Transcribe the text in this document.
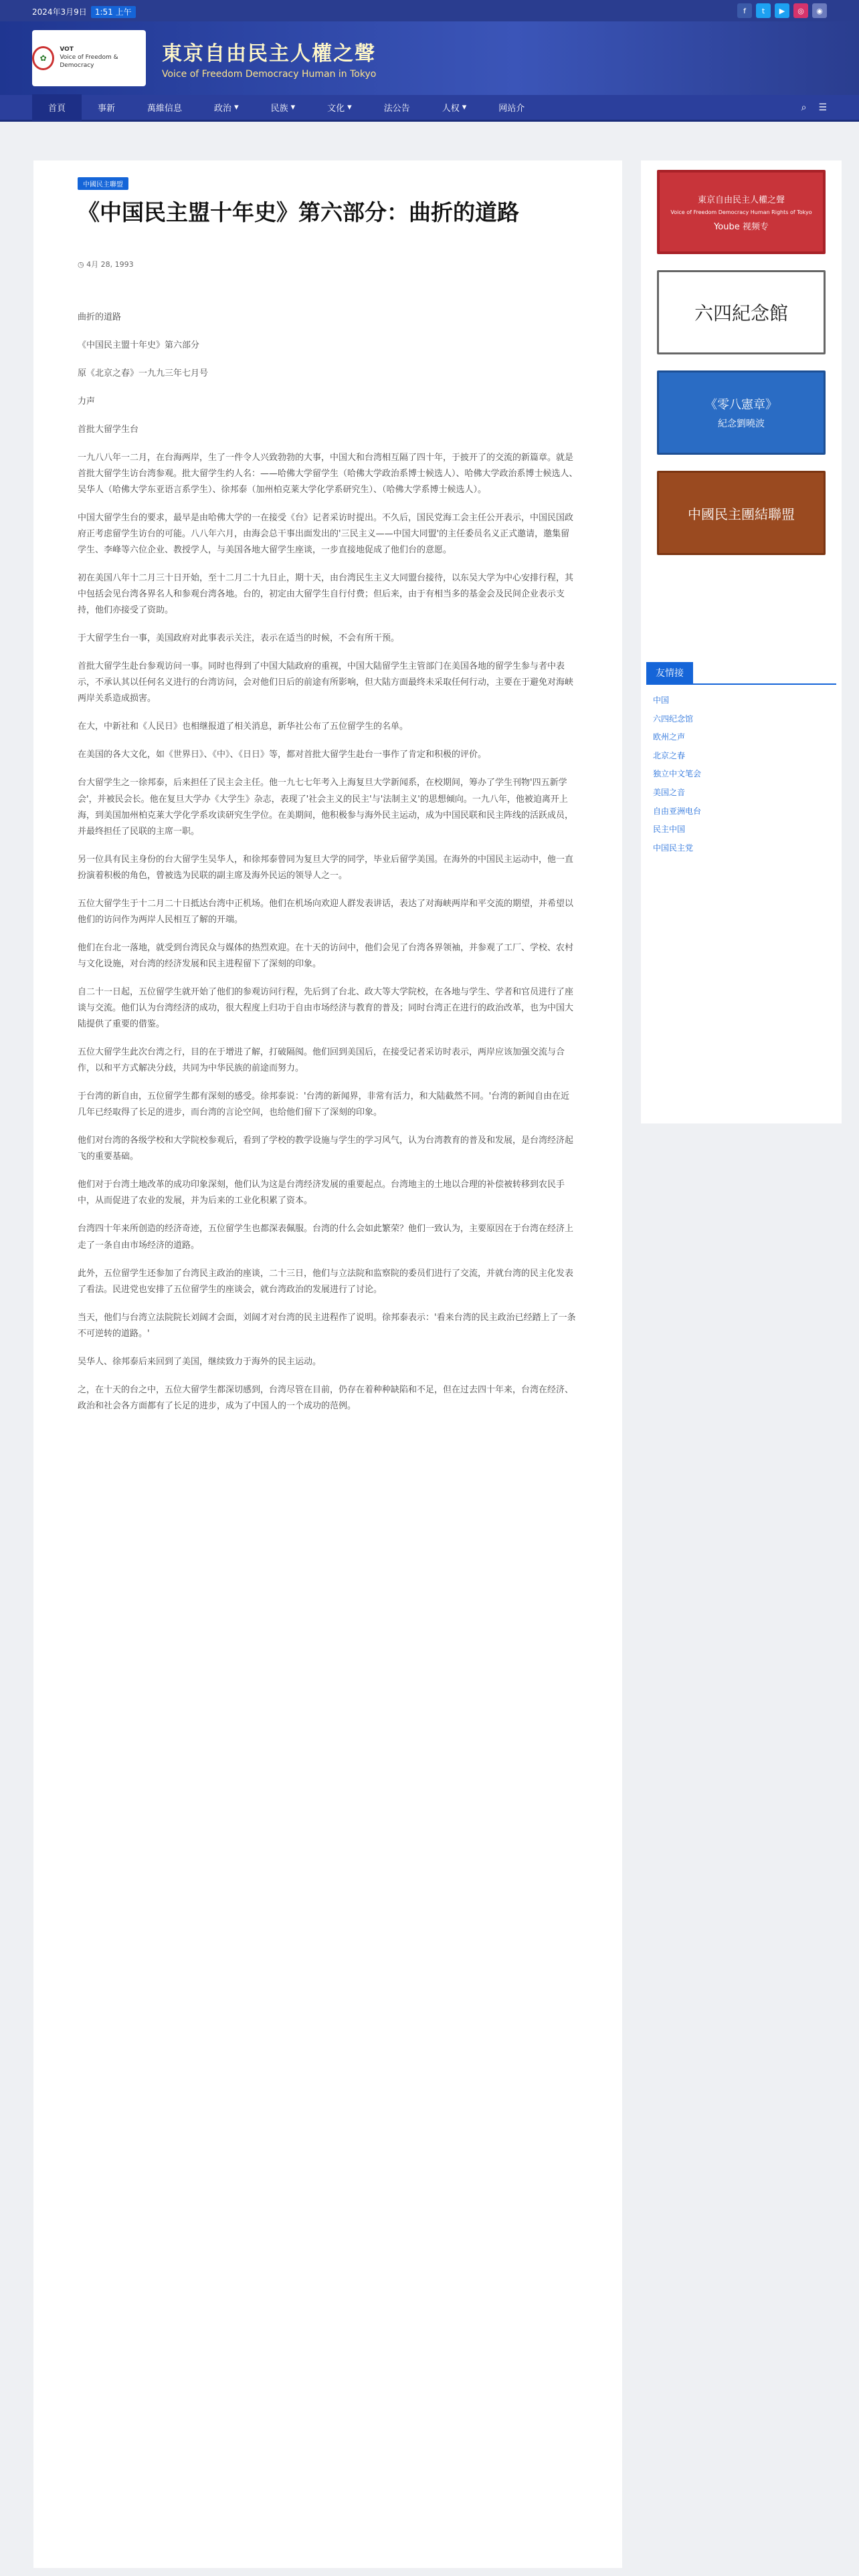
2024年3月9日 1:51 上午	f	t	▶	◎	◉
✿
VOT
Voice of Freedom & Democracy	東京自由民主人權之聲
Voice of Freedom Democracy Human in Tokyo
首頁	事新	萬維信息	政治 ▾	民族 ▾	文化 ▾	法公告	人权 ▾	网站介	⌕ ☰
中國民主聯盟
《中国民主盟十年史》第六部分：曲折的道路
◷ 4月 28, 1993

曲折的道路

《中国民主盟十年史》第六部分

原《北京之春》一九九三年七月号

力声

首批大留学生台

一九八八年一二月，在台海两岸，生了一件令人兴致勃勃的大事，中国大和台湾相互隔了四十年，于披开了的交流的新篇章。就是首批大留学生访台湾参观。批大留学生约人名：——哈佛大学留学生（哈佛大学政治系博士候选人）、哈佛大学政治系博士候选人、吴华人（哈佛大学东亚语言系学生）、徐邦泰（加州柏克莱大学化学系研究生）、（哈佛大学系博士候选人）。

中国大留学生台的要求，最早是由哈佛大学的一在接受《台》记者采访时提出。不久后，国民党海工会主任公开表示，中国民国政府正考虑留学生访台的可能。八八年六月，由海会总干事出面发出的'三民主义——中国大同盟'的主任委员名义正式邀请，邀集留学生、李峰等六位企业、教授学人，与美国各地大留学生座谈，一步直接地促成了他们台的意愿。

初在美国八年十二月三十日开始，至十二月二十九日止，期十天，由台湾民生主义大同盟台接待，以东吴大学为中心安排行程，其中包括会见台湾各界名人和参观台湾各地。台的，初定由大留学生自行付费；但后来，由于有相当多的基金会及民间企业表示支持，他们亦接受了资助。

于大留学生台一事，美国政府对此事表示关注，表示在适当的时候，不会有所干预。

首批大留学生赴台参观访问一事。同时也得到了中国大陆政府的重视，中国大陆留学生主管部门在美国各地的留学生参与者中表示，不承认其以任何名义进行的台湾访问，会对他们日后的前途有所影响，但大陆方面最终未采取任何行动，主要在于避免对海峡两岸关系造成损害。

在大，中新社和《人民日》也相继报道了相关消息，新华社公布了五位留学生的名单。

在美国的各大文化，如《世界日》、《中》、《日日》等，都对首批大留学生赴台一事作了肯定和积极的评价。

台大留学生之一徐邦泰，后来担任了民主会主任。他一九七七年考入上海复旦大学新闻系，在校期间，筹办了学生刊物'四五新学会'，并被民会长。他在复旦大学办《大学生》杂志，表现了'社会主义的民主'与'法制主义'的思想倾向。一九八年，他被迫离开上海，到美国加州柏克莱大学化学系攻读研究生学位。在美期间，他积极参与海外民主运动，成为中国民联和民主阵线的活跃成员，并最终担任了民联的主席一职。

另一位具有民主身份的台大留学生吴华人，和徐邦泰曾同为复旦大学的同学，毕业后留学美国。在海外的中国民主运动中，他一直扮演着积极的角色，曾被选为民联的副主席及海外民运的领导人之一。

五位大留学生于十二月二十日抵达台湾中正机场。他们在机场向欢迎人群发表讲话，表达了对海峡两岸和平交流的期望，并希望以他们的访问作为两岸人民相互了解的开端。

他们在台北一落地，就受到台湾民众与媒体的热烈欢迎。在十天的访问中，他们会见了台湾各界领袖，并参观了工厂、学校、农村与文化设施，对台湾的经济发展和民主进程留下了深刻的印象。

自二十一日起，五位留学生就开始了他们的参观访问行程，先后到了台北、政大等大学院校，在各地与学生、学者和官员进行了座谈与交流。他们认为台湾经济的成功，很大程度上归功于自由市场经济与教育的普及；同时台湾正在进行的政治改革，也为中国大陆提供了重要的借鉴。

五位大留学生此次台湾之行，目的在于增进了解，打破隔阂。他们回到美国后，在接受记者采访时表示，两岸应该加强交流与合作，以和平方式解决分歧，共同为中华民族的前途而努力。

于台湾的新自由，五位留学生都有深刻的感受。徐邦泰说：'台湾的新闻界，非常有活力，和大陆截然不同。'台湾的新闻自由在近几年已经取得了长足的进步，而台湾的言论空间，也给他们留下了深刻的印象。

他们对台湾的各级学校和大学院校参观后，看到了学校的教学设施与学生的学习风气，认为台湾教育的普及和发展，是台湾经济起飞的重要基础。

他们对于台湾土地改革的成功印象深刻，他们认为这是台湾经济发展的重要起点。台湾地主的土地以合理的补偿被转移到农民手中，从而促进了农业的发展，并为后来的工业化积累了资本。

台湾四十年来所创造的经济奇迹，五位留学生也都深表佩服。台湾的什么会如此繁荣？他们一致认为，主要原因在于台湾在经济上走了一条自由市场经济的道路。

此外，五位留学生还参加了台湾民主政治的座谈，二十三日，他们与立法院和监察院的委员们进行了交流，并就台湾的民主化发表了看法。民进党也安排了五位留学生的座谈会，就台湾政治的发展进行了讨论。

当天，他们与台湾立法院院长刘阔才会面，刘阔才对台湾的民主进程作了说明。徐邦泰表示：'看来台湾的民主政治已经踏上了一条不可逆转的道路。'

吴华人、徐邦泰后来回到了美国，继续致力于海外的民主运动。

之，在十天的台之中，五位大留学生都深切感到，台湾尽管在目前，仍存在着种种缺陷和不足，但在过去四十年来，台湾在经济、政治和社会各方面都有了长足的进步，成为了中国人的一个成功的范例。

東京自由民主人權之聲
Voice of Freedom Democracy Human Rights of Tokyo
Yoube 视频专
六四紀念館
《零八憲章》
紀念劉曉波
中國民主團結聯盟
友情接
中国
六四纪念馆
欧州之声
北京之春
独立中文笔会
美国之音
自由亚洲电台
民主中国
中国民主党
